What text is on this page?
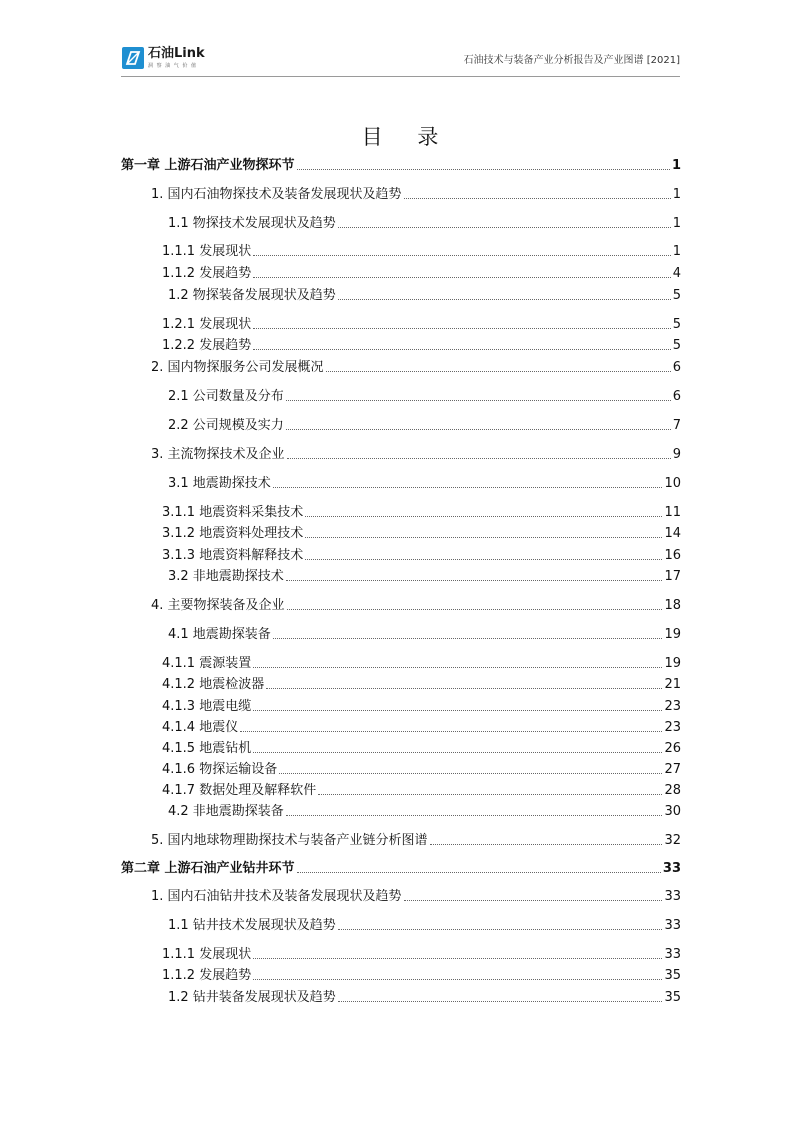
石油Link
洞 察 油 气 价 值	石油技术与装备产业分析报告及产业图谱 [2021]
目 录
第一章 上游石油产业物探环节	1
1. 国内石油物探技术及装备发展现状及趋势	1
1.1 物探技术发展现状及趋势	1
1.1.1 发展现状	1
1.1.2 发展趋势	4
1.2 物探装备发展现状及趋势	5
1.2.1 发展现状	5
1.2.2 发展趋势	5
2. 国内物探服务公司发展概况	6
2.1 公司数量及分布	6
2.2 公司规模及实力	7
3. 主流物探技术及企业	9
3.1 地震勘探技术	10
3.1.1 地震资料采集技术	11
3.1.2 地震资料处理技术	14
3.1.3 地震资料解释技术	16
3.2 非地震勘探技术	17
4. 主要物探装备及企业	18
4.1 地震勘探装备	19
4.1.1 震源装置	19
4.1.2 地震检波器	21
4.1.3 地震电缆	23
4.1.4 地震仪	23
4.1.5 地震钻机	26
4.1.6 物探运输设备	27
4.1.7 数据处理及解释软件	28
4.2 非地震勘探装备	30
5. 国内地球物理勘探技术与装备产业链分析图谱	32
第二章 上游石油产业钻井环节	33
1. 国内石油钻井技术及装备发展现状及趋势	33
1.1 钻井技术发展现状及趋势	33
1.1.1 发展现状	33
1.1.2 发展趋势	35
1.2 钻井装备发展现状及趋势	35
